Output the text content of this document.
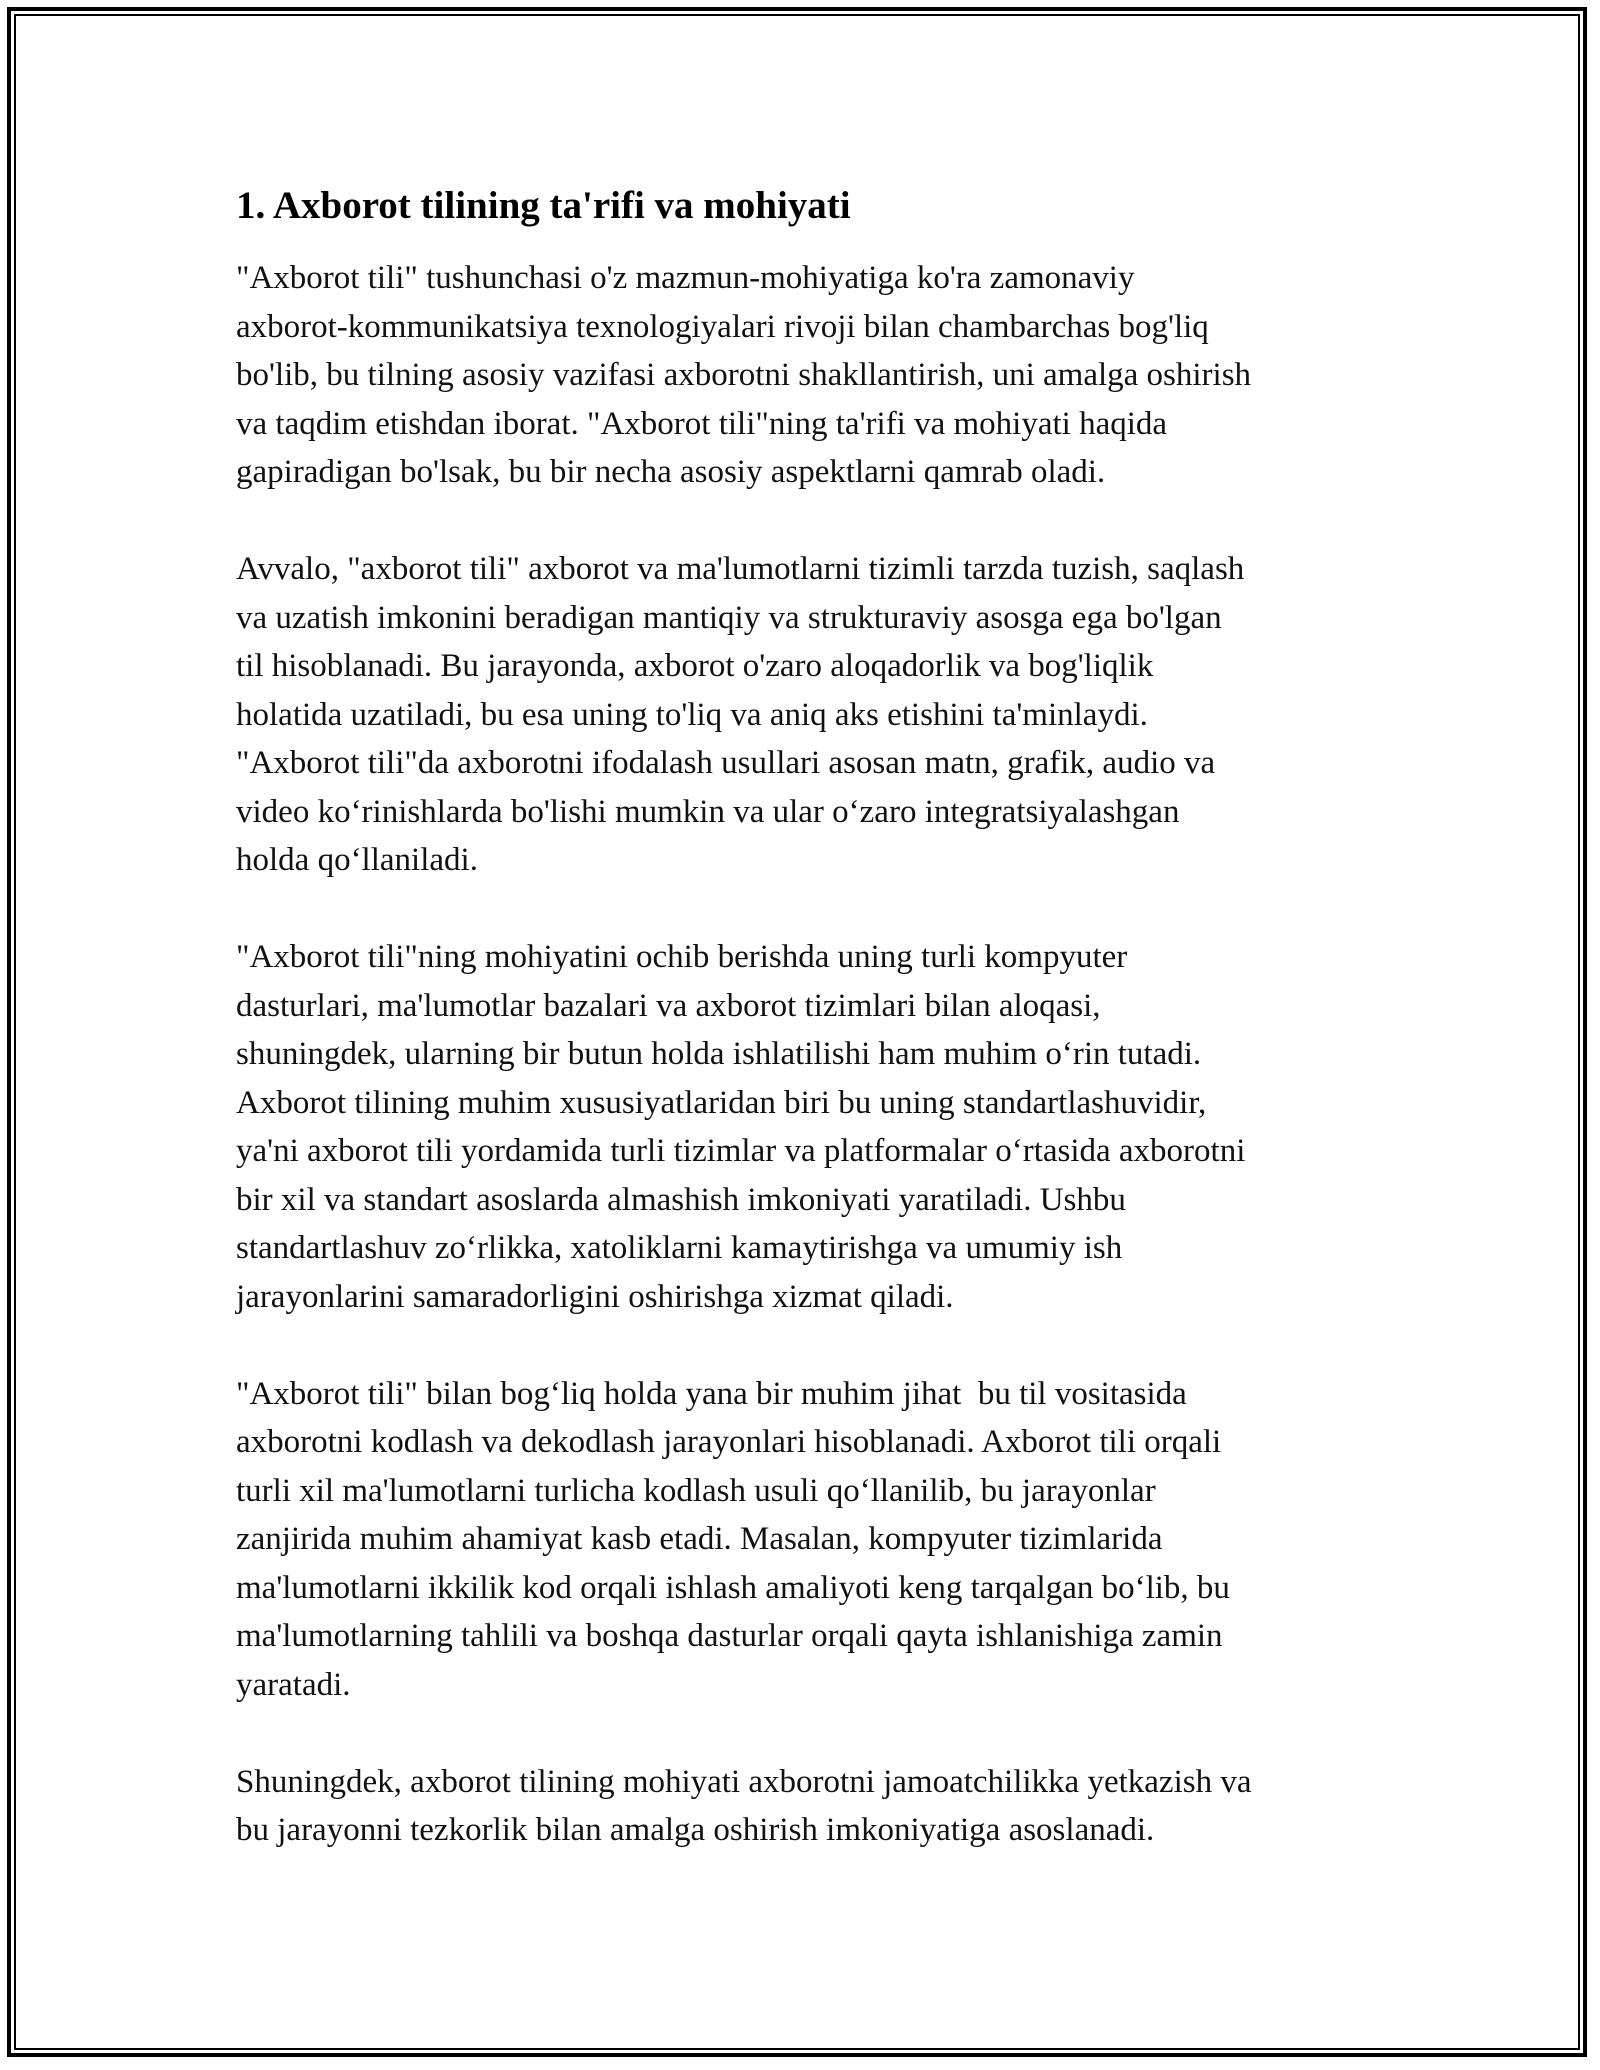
1. Axborot tilining ta'rifi va mohiyati

"Axborot tili" tushunchasi o'z mazmun-mohiyatiga ko'ra zamonaviy
axborot-kommunikatsiya texnologiyalari rivoji bilan chambarchas bog'liq
bo'lib, bu tilning asosiy vazifasi axborotni shakllantirish, uni amalga oshirish
va taqdim etishdan iborat. "Axborot tili"ning ta'rifi va mohiyati haqida
gapiradigan bo'lsak, bu bir necha asosiy aspektlarni qamrab oladi.

Avvalo, "axborot tili" axborot va ma'lumotlarni tizimli tarzda tuzish, saqlash
va uzatish imkonini beradigan mantiqiy va strukturaviy asosga ega bo'lgan
til hisoblanadi. Bu jarayonda, axborot o'zaro aloqadorlik va bog'liqlik
holatida uzatiladi, bu esa uning to'liq va aniq aks etishini ta'minlaydi.
"Axborot tili"da axborotni ifodalash usullari asosan matn, grafik, audio va
video ko‘rinishlarda bo'lishi mumkin va ular o‘zaro integratsiyalashgan
holda qo‘llaniladi.

"Axborot tili"ning mohiyatini ochib berishda uning turli kompyuter
dasturlari, ma'lumotlar bazalari va axborot tizimlari bilan aloqasi,
shuningdek, ularning bir butun holda ishlatilishi ham muhim o‘rin tutadi.
Axborot tilining muhim xususiyatlaridan biri bu uning standartlashuvidir,
ya'ni axborot tili yordamida turli tizimlar va platformalar o‘rtasida axborotni
bir xil va standart asoslarda almashish imkoniyati yaratiladi. Ushbu
standartlashuv zo‘rlikka, xatoliklarni kamaytirishga va umumiy ish
jarayonlarini samaradorligini oshirishga xizmat qiladi.

"Axborot tili" bilan bog‘liq holda yana bir muhim jihat  bu til vositasida
axborotni kodlash va dekodlash jarayonlari hisoblanadi. Axborot tili orqali
turli xil ma'lumotlarni turlicha kodlash usuli qo‘llanilib, bu jarayonlar
zanjirida muhim ahamiyat kasb etadi. Masalan, kompyuter tizimlarida
ma'lumotlarni ikkilik kod orqali ishlash amaliyoti keng tarqalgan bo‘lib, bu
ma'lumotlarning tahlili va boshqa dasturlar orqali qayta ishlanishiga zamin
yaratadi.

Shuningdek, axborot tilining mohiyati axborotni jamoatchilikka yetkazish va
bu jarayonni tezkorlik bilan amalga oshirish imkoniyatiga asoslanadi.
